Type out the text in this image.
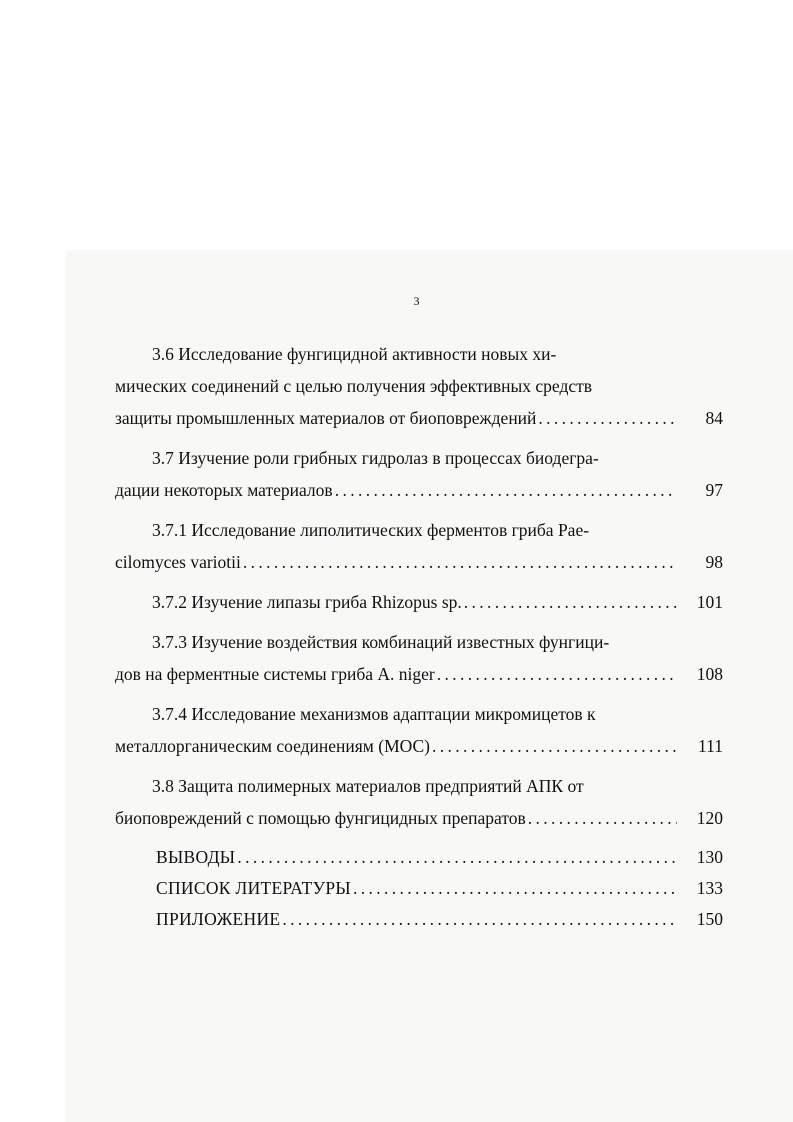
3
3.6 Исследование фунгицидной активности новых хи-
мических соединений с целью получения эффективных средств
защиты промышленных материалов от биоповреждений . . .	84
3.7 Изучение роли грибных гидролаз в процессах биодегра-
дации некоторых материалов . . .	97
3.7.1 Исследование липолитических ферментов гриба Pae-
cilomyces variotii . . .	98
3.7.2 Изучение липазы гриба Rhizopus sp. . . .	101
3.7.3 Изучение воздействия комбинаций известных фунгици-
дов на ферментные системы гриба A. niger . . .	108
3.7.4 Исследование механизмов адаптации микромицетов к
металлорганическим соединениям (МОС) . . .	111
3.8 Защита полимерных материалов предприятий АПК от
биоповреждений с помощью фунгицидных препаратов . . .	120
ВЫВОДЫ . . .	130
СПИСОК ЛИТЕРАТУРЫ . . .	133
ПРИЛОЖЕНИЕ . . .	150
